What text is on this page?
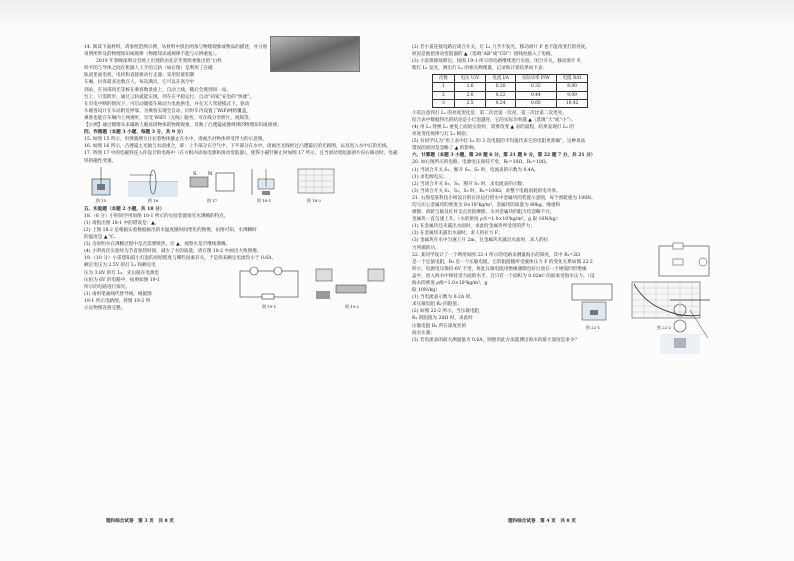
14. 阅读下面材料，请参照范例示例，从材料中找出两条与物理现象或物品的描述，并分别

说明所涉及的物理知识或规律（物理知识或规律不能与示例重复）。

2019 年春晚深圳分会场上出现的由北京冬奥组委推出的“白样

样平的与导体之间在机器人上手的云轨（如右图）是利用了在磁

轨道里面电机，电机和直接驱动行走器；采用轻量铝制

车厢，拉客最多达数百人，每次满员，它可以在高空中

到站，在顶部风光等候在乘客数景座上，自动上线，随后会驶到同一站。

台上，只需跨步，通过云轨就能实现。列车在平稳运行，自动“回家”充电的“快捷”。

在市电中断的情况下，可启动储能车载动力电池供电，并在无人驾驶模式下。驱动

车载各设计在车站附近停靠。为乘客实现全自动，同时车内设置了WiFi网络覆盖，

乘客也能在车厢内上网视听，享受 WIFI（无线）服务，可在线分享照片，视频等。

【示例】通过摄像头来辅助人眼看清物体的物理现象，反映了凸透镜成像规律的物理知识或规律。

四、作图题（本题 3 小题，每题 3 分，共 9 分）

15. 如图 15 所示，用弹簧测力计拉着物体静止在水中，请画出对物体所受浮力的示意图。

16. 如图 16 所示，凸透镜主光轴与水面重合，即：上半部分在空气中，下半部分在水中。请画出光线经过凸透镜后的光路图，以及进入水中后的光线。

17. 将图 17 中的电磁铁连入你设计的电路中（在方框内添加电源和滑动变阻器），使得小磁针静止时如图 17 所示，且当滑动变阻器滑片向右移动时，电磁铁的磁性变强。

图 15	图 16
S N
图 17	图 18-1	图 18-2

五、实验题（本题 2 小题，共 18 分）

18.（8 分）小明同学用如图 18-1 所示的实验装置探究水沸腾的特点。

(1) 请指出图 18-1 中的错误是：▲。

(2) 上图 18-2 是根据实验数据画出的水温度随时间变化的图像，由图可知，水沸腾时

的温度是 ▲ ℃。

(3) 为说明水在沸腾过程中是否需要吸热，应 ▲，观察水是否继续沸腾。

(4) 小明再次实验时为节省加热时间，减少了水的质量，请在图 18-2 中画出大致图像。

19.（10 分）小雷想知道小灯泡的亮暗程度与哪些因素有关，于是找来额定电流均小于 0.6A，

额定电压为 2.5V 的灯 L₁ 和额定电

压为 3.8V 的灯 L₂，先后接在电源电

压恒为 6V 的电路中，按照如图 19-1

所示的电路进行探究。

(1) 请用笔画线代替导线，根据图

19-1 所示电路图，将图 19-2 所

示实物图连接完整。	图 19-1	图 19-2
理科综合试卷　第 3 页　共 8 页

(2) 若小雷连接电路后闭合开关，灯 L₁ 几乎不发光，移动滑片 P 也不能改变灯的亮度。

原因是他把滑动变阻器的 ▲（选填“AB”或“CD”）接线柱接入了电路。

(3) 小雷排除故障后，按图 19-1 所示的电路继续进行实验，闭合开关，移动滑片 P，

使灯 L₁ 发光，测出灯 L₁ 的相关物理量，记录和计算结果如下表：

次数	电压 U/V	电流 I/A	实际功率 P/W	电阻 R/Ω
1	1.6	0.20	0.32	8.00
2	2.0	0.22	0.44	9.09
3	2.5	0.24	0.60	10.42

小雷注意到灯 L₁ 的亮度变化是：第二次比第一次亮，第三次比第二次更亮。

结合表中数据得出的结论是小灯泡越亮，它的实际功率越 ▲（选填“大”或“小”）。

(4) 用 L₂ 替换 L₁ 重复上面的实验时，需要改变 ▲ 表的量程，结果发现灯 L₂ 的

亮度变化规律与灯 L₁ 相似；

(5) 有同学认为“用上表中灯 L₁ 的 3 次电阻的平均值代表它的电阻更准确”，这种说法

错误的原因是忽略了 ▲ 的影响。

六、计算题（本题 3 小题，第 20 题 6 分，第 21 题 8 分，第 22 题 7 分，共 21 分）

20. 如右图所示的电路，电源电压保持不变，R₁=10Ω，R₂=10Ω。

(1) 当闭合开关 S₁，断开 S₂、S₃ 时，电流表的示数为 0.4A。

(1) 求电源电压；

(2) 当闭合开关 S₂、S₃，断开 S₁ 时，求电流表的示数；

(3) 当闭合开关 S₁、S₂、S₃ 时，R₂=100Ω，求整个电路消耗的电功率。

21. 右图是某科技小组设计的在岸边打捞水中金属块的装置示意图，每个滑轮重为 100N，

均匀实心金属块的密度为 8×10³kg/m³，金属块的质量为 80kg。绳重和

摩擦、滑轮与轴及杠杆支点处的摩擦，水对金属块的阻力均忽略不计，

金属块一直匀速上升。（水的密度 ρ水=1.0×10³kg/m³，g 取 10N/kg）

(1) 在金属块还未露出水面时，求此时金属块所受到的浮力；

(2) 在金属块未露出水面时，求人的拉力 F；

(3) 金属块在水中匀速上升 2m，且金属块未露出水面时，求人的拉

力所做的功。

22. 某同学设计了一个利用如图 22-1 所示的电路来测量海水的深度，其中 R₁=2Ω

是一个定值电阻，R₂ 是一个压敏电阻，它的阻值随所受液体压力 F 的变化关系如图 22-2

所示，电源电压保持 6V 不变，将此压敏电阻用绝缘薄膜包好后放在一个硬质凹形绝缘

盒中，放入海水中保持受力面的水平，且只有一个面积为 0.02m² 的面承受海水压力。（设

海水的密度 ρ海=1.0×10³kg/m³，g

取 10N/kg）

(1) 当电流表示数为 0.2A 时，

求压敏电阻 R₂ 的阻值；

(2) 如图 22-2 所示，当压敏电阻

R₂ 的阻值为 20Ω 时，求此时

压敏电阻 R₂ 所在深度处的

海水压强；

图 22-1	图 22-2

(3) 若电流表的最大测量值为 0.6A，则使用此方法能测出海水的最大深度是多少？

理科综合试卷　第 4 页　共 8 页
